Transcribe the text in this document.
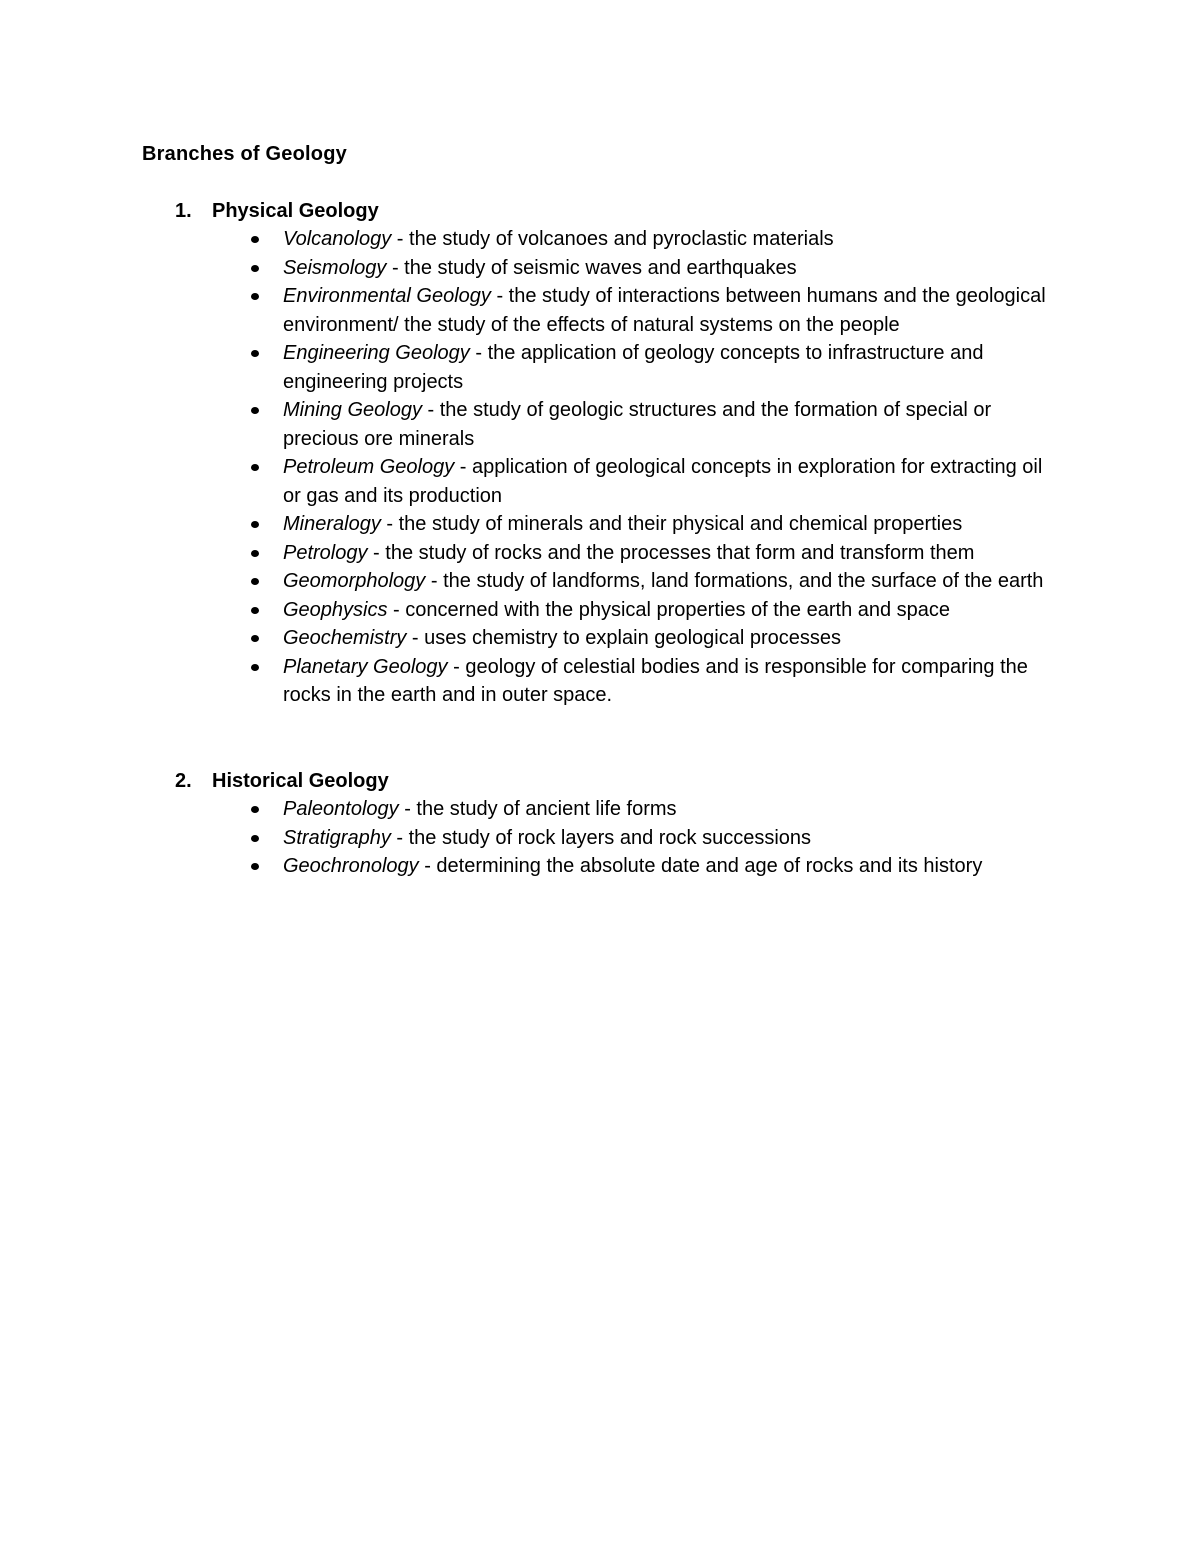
Branches of Geology
1. Physical Geology
Volcanology - the study of volcanoes and pyroclastic materials
Seismology - the study of seismic waves and earthquakes
Environmental Geology - the study of interactions between humans and the geological environment/ the study of the effects of natural systems on the people
Engineering Geology - the application of geology concepts to infrastructure and engineering projects
Mining Geology - the study of geologic structures and the formation of special or precious ore minerals
Petroleum Geology - application of geological concepts in exploration for extracting oil or gas and its production
Mineralogy - the study of minerals and their physical and chemical properties
Petrology - the study of rocks and the processes that form and transform them
Geomorphology - the study of landforms, land formations, and the surface of the earth
Geophysics - concerned with the physical properties of the earth and space
Geochemistry - uses chemistry to explain geological processes
Planetary Geology - geology of celestial bodies and is responsible for comparing the rocks in the earth and in outer space.
2. Historical Geology
Paleontology - the study of ancient life forms
Stratigraphy - the study of rock layers and rock successions
Geochronology - determining the absolute date and age of rocks and its history
